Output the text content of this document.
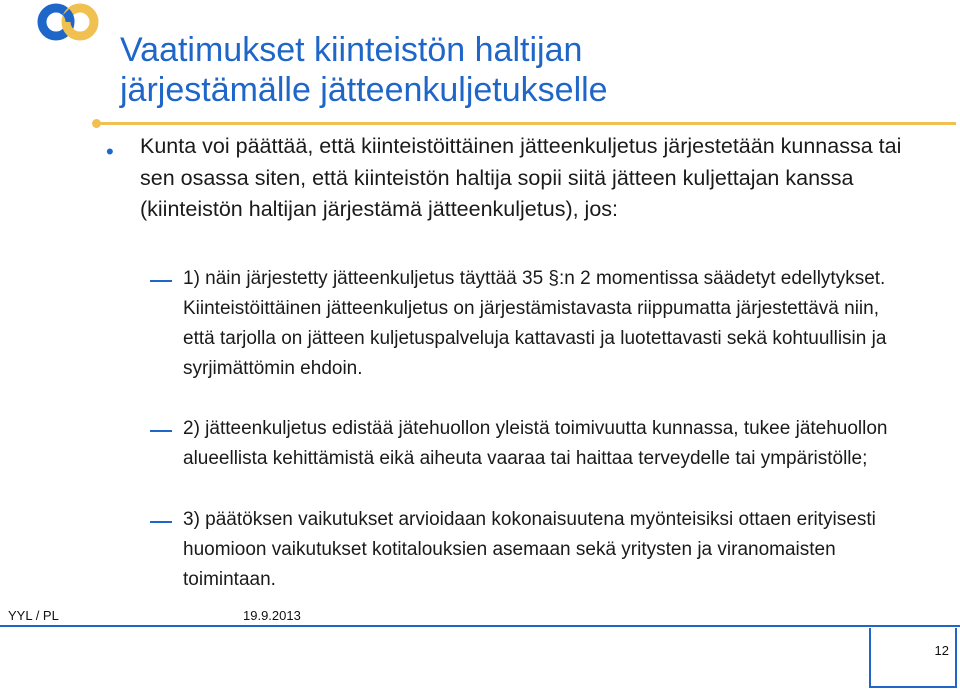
Vaatimukset kiinteistön haltijan
järjestämälle jätteenkuljetukselle
• Kunta voi päättää, että kiinteistöittäinen jätteenkuljetus järjestetään kunnassa tai sen osassa siten, että kiinteistön haltija sopii siitä jätteen kuljettajan kanssa (kiinteistön haltijan järjestämä jätteenkuljetus), jos:
1) näin järjestetty jätteenkuljetus täyttää 35 §:n 2 momentissa säädetyt edellytykset. Kiinteistöittäinen jätteenkuljetus on järjestämistavasta riippumatta järjestettävä niin, että tarjolla on jätteen kuljetuspalveluja kattavasti ja luotettavasti sekä kohtuullisin ja syrjimättömin ehdoin.
2) jätteenkuljetus edistää jätehuollon yleistä toimivuutta kunnassa, tukee jätehuollon alueellista kehittämistä eikä aiheuta vaaraa tai haittaa terveydelle tai ympäristölle;
3) päätöksen vaikutukset arvioidaan kokonaisuutena myönteisiksi ottaen erityisesti huomioon vaikutukset kotitalouksien asemaan sekä yritysten ja viranomaisten toimintaan.
YYL / PL	19.9.2013
12
